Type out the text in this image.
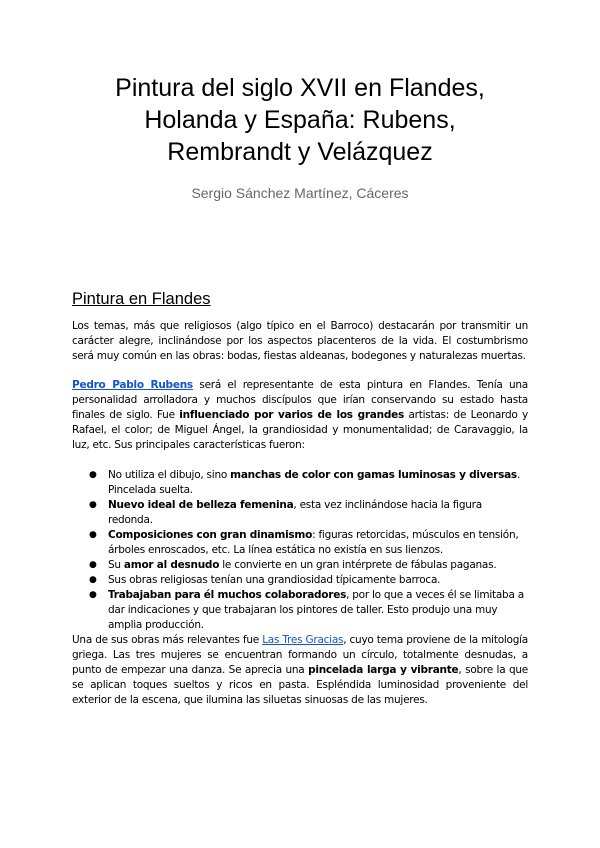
Pintura del siglo XVII en Flandes,
Holanda y España: Rubens,
Rembrandt y Velázquez

Sergio Sánchez Martínez, Cáceres

Pintura en Flandes

Los temas, más que religiosos (algo típico en el Barroco) destacarán por transmitir un carácter alegre, inclinándose por los aspectos placenteros de la vida. El costumbrismo será muy común en las obras: bodas, fiestas aldeanas, bodegones y naturalezas muertas.

Pedro Pablo Rubens será el representante de esta pintura en Flandes. Tenía una personalidad arrolladora y muchos discípulos que irían conservando su estado hasta finales de siglo. Fue influenciado por varios de los grandes artistas: de Leonardo y Rafael, el color; de Miguel Ángel, la grandiosidad y monumentalidad; de Caravaggio, la luz, etc. Sus principales características fueron:

● No utiliza el dibujo, sino manchas de color con gamas luminosas y diversas. Pincelada suelta.
● Nuevo ideal de belleza femenina, esta vez inclinándose hacia la figura redonda.
● Composiciones con gran dinamismo: figuras retorcidas, músculos en tensión, árboles enroscados, etc. La línea estática no existía en sus lienzos.
● Su amor al desnudo le convierte en un gran intérprete de fábulas paganas.
● Sus obras religiosas tenían una grandiosidad típicamente barroca.
● Trabajaban para él muchos colaboradores, por lo que a veces él se limitaba a dar indicaciones y que trabajaran los pintores de taller. Esto produjo una muy amplia producción.

Una de sus obras más relevantes fue Las Tres Gracias, cuyo tema proviene de la mitología griega. Las tres mujeres se encuentran formando un círculo, totalmente desnudas, a punto de empezar una danza. Se aprecia una pincelada larga y vibrante, sobre la que se aplican toques sueltos y ricos en pasta. Espléndida luminosidad proveniente del exterior de la escena, que ilumina las siluetas sinuosas de las mujeres.
